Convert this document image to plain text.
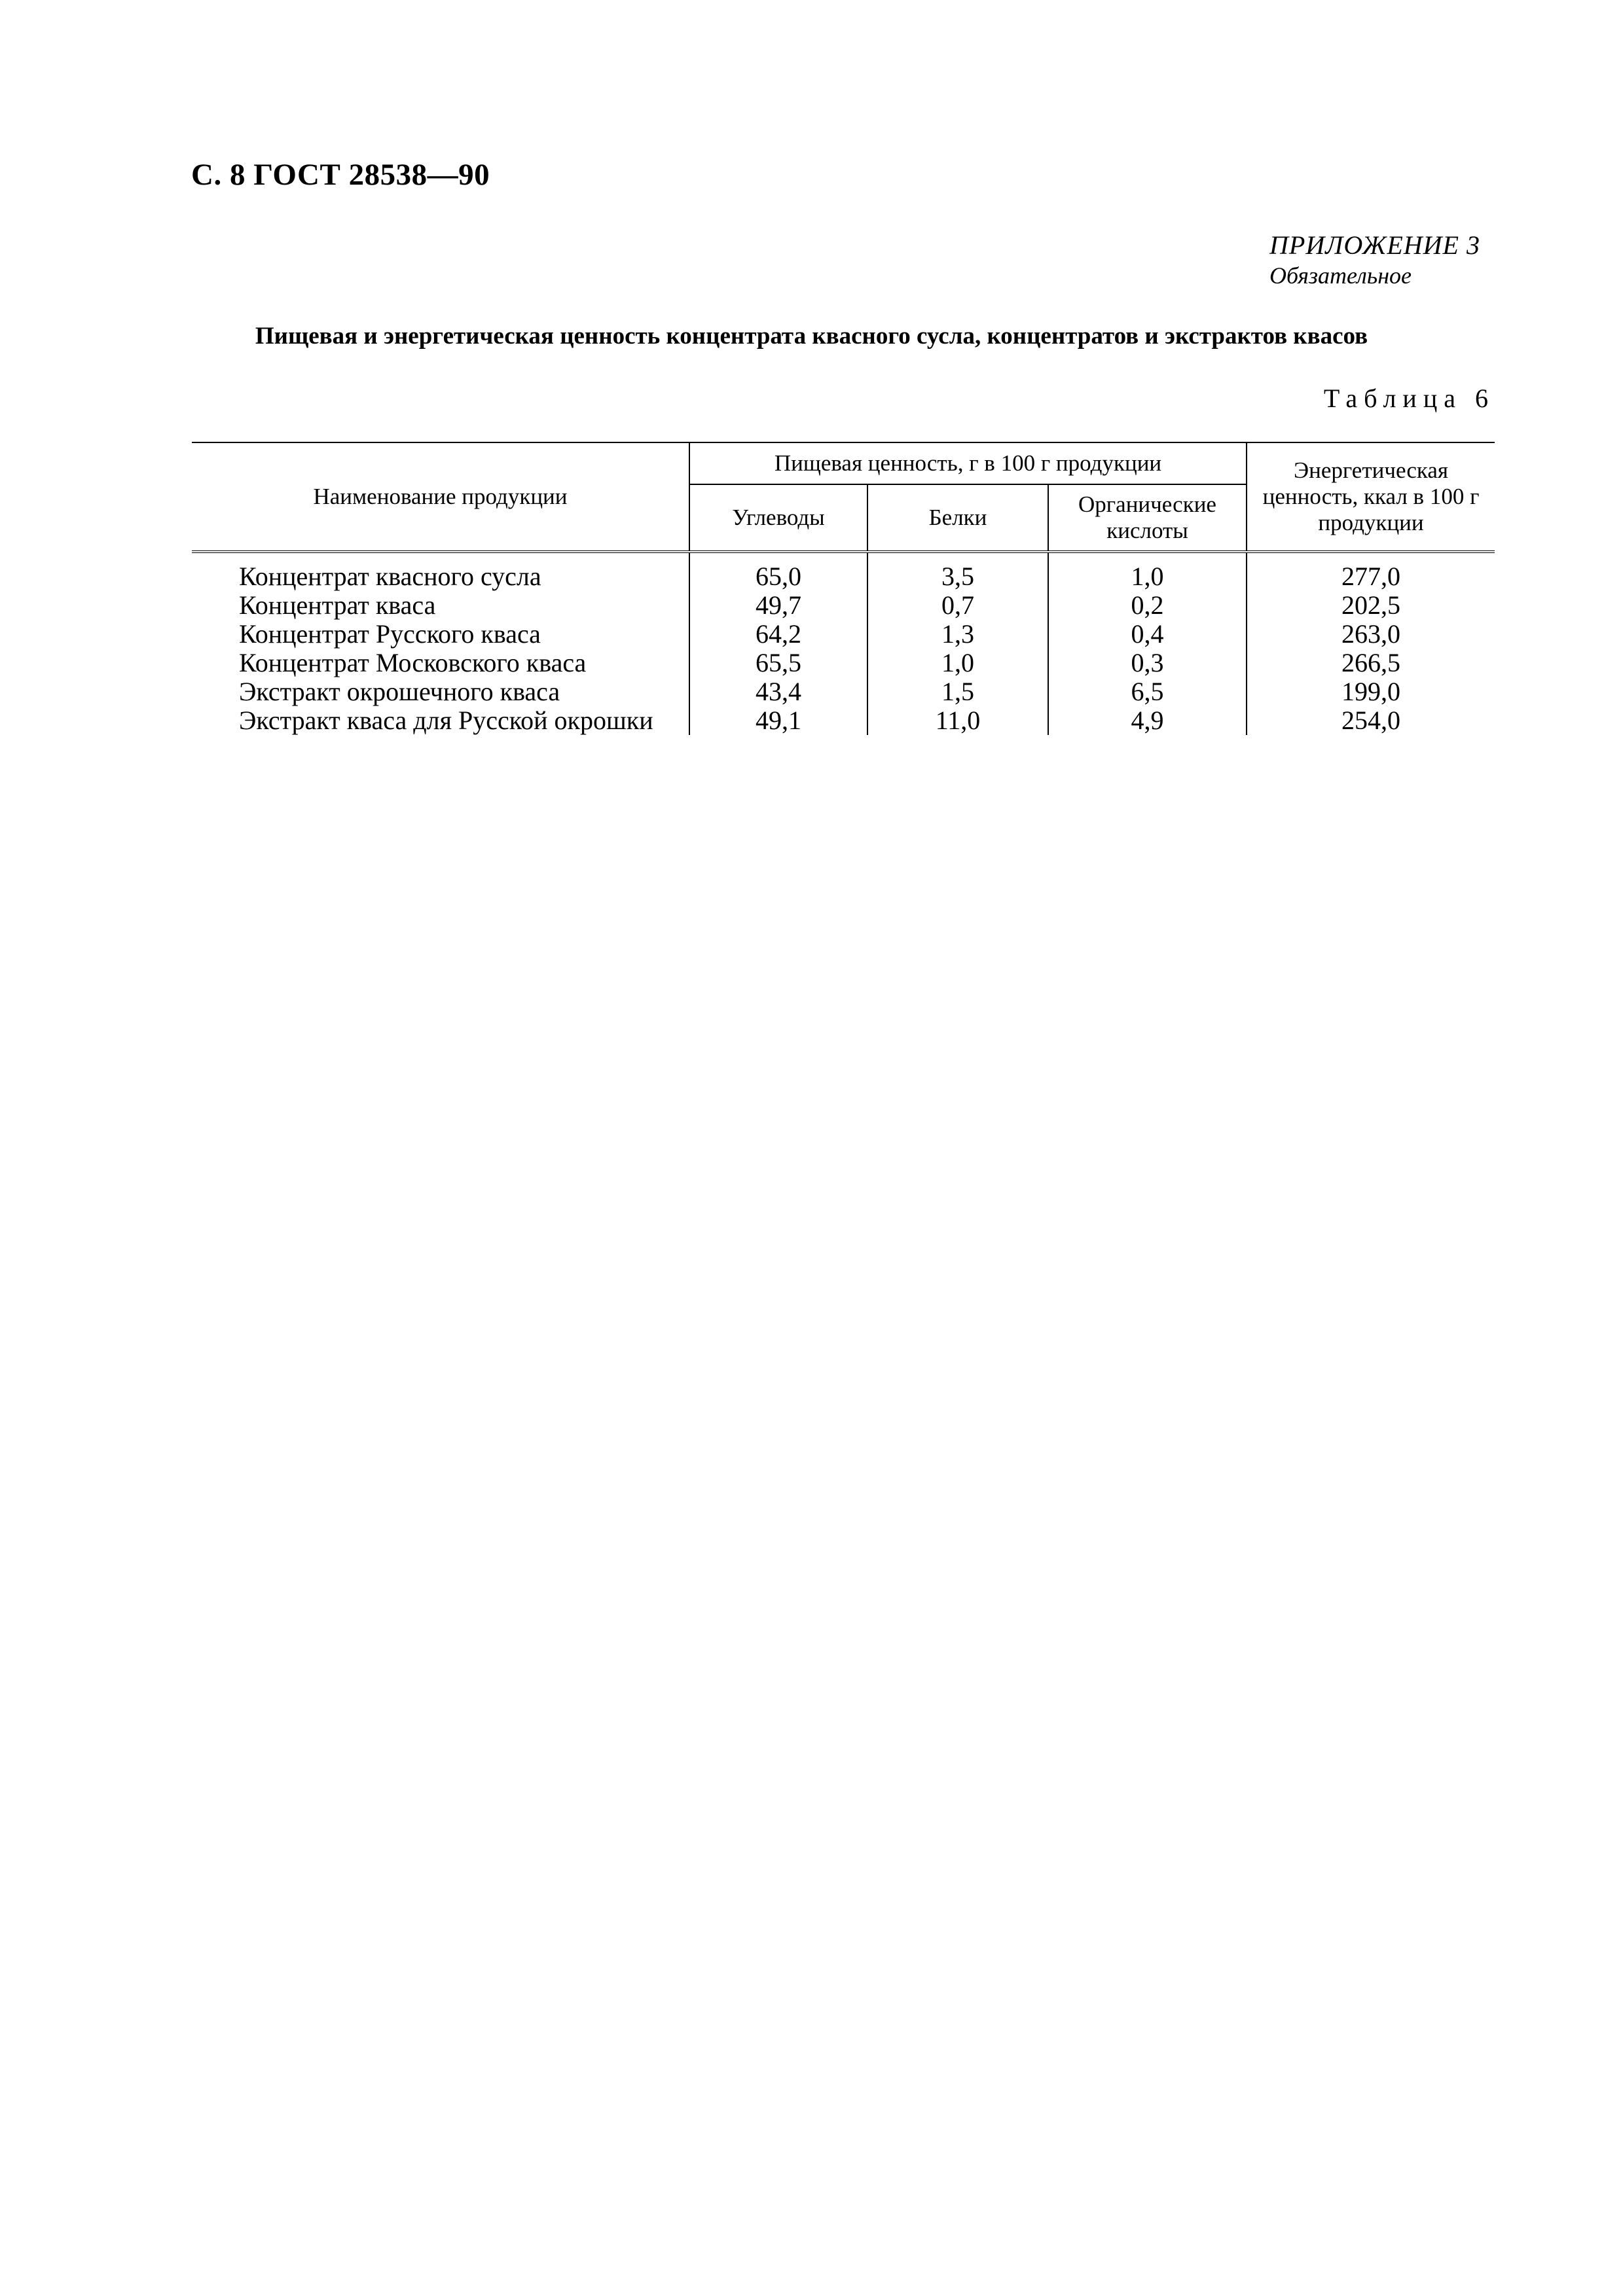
С. 8 ГОСТ 28538—90
ПРИЛОЖЕНИЕ 3
Обязательное
Пищевая и энергетическая ценность концентрата квасного сусла, концентратов и экстрактов квасов
Таблица 6
Наименование продукции	Пищевая ценность, г в 100 г продукции			Энергетическая ценность, ккал в 100 г продукции
	Углеводы	Белки	Органические кислоты	
Концентрат квасного сусла	65,0	3,5	1,0	277,0
Концентрат кваса	49,7	0,7	0,2	202,5
Концентрат Русского кваса	64,2	1,3	0,4	263,0
Концентрат Московского кваса	65,5	1,0	0,3	266,5
Экстракт окрошечного кваса	43,4	1,5	6,5	199,0
Экстракт кваса для Русской окрошки	49,1	11,0	4,9	254,0
